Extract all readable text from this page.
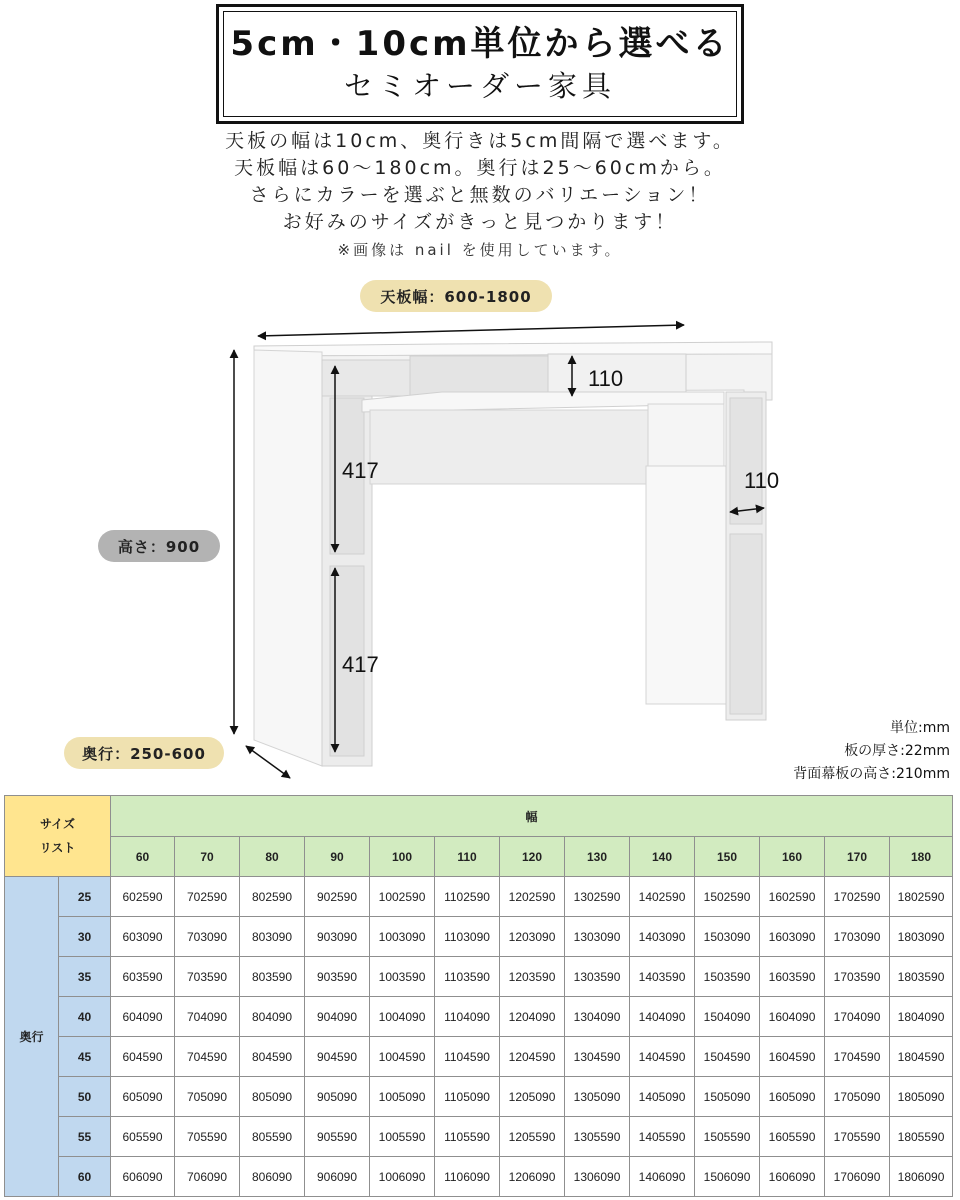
5cm・10cm単位から選べる
セミオーダー家具
天板の幅は10cm、奥行きは5cm間隔で選べます。
天板幅は60〜180cm。奥行は25〜60cmから。
さらにカラーを選ぶと無数のバリエーション！
お好みのサイズがきっと見つかります！
※画像は nail を使用しています。
110
417
417
110
天板幅：600-1800
高さ：900
奥行：250-600
単位:mm
板の厚さ:22mm
背面幕板の高さ:210mm
サイズ
リスト		幅												
		60	70	80	90	100	110	120	130	140	150	160	170	180
奥行	25	602590	702590	802590	902590	1002590	1102590	1202590	1302590	1402590	1502590	1602590	1702590	1802590
	30	603090	703090	803090	903090	1003090	1103090	1203090	1303090	1403090	1503090	1603090	1703090	1803090
	35	603590	703590	803590	903590	1003590	1103590	1203590	1303590	1403590	1503590	1603590	1703590	1803590
	40	604090	704090	804090	904090	1004090	1104090	1204090	1304090	1404090	1504090	1604090	1704090	1804090
	45	604590	704590	804590	904590	1004590	1104590	1204590	1304590	1404590	1504590	1604590	1704590	1804590
	50	605090	705090	805090	905090	1005090	1105090	1205090	1305090	1405090	1505090	1605090	1705090	1805090
	55	605590	705590	805590	905590	1005590	1105590	1205590	1305590	1405590	1505590	1605590	1705590	1805590
	60	606090	706090	806090	906090	1006090	1106090	1206090	1306090	1406090	1506090	1606090	1706090	1806090
